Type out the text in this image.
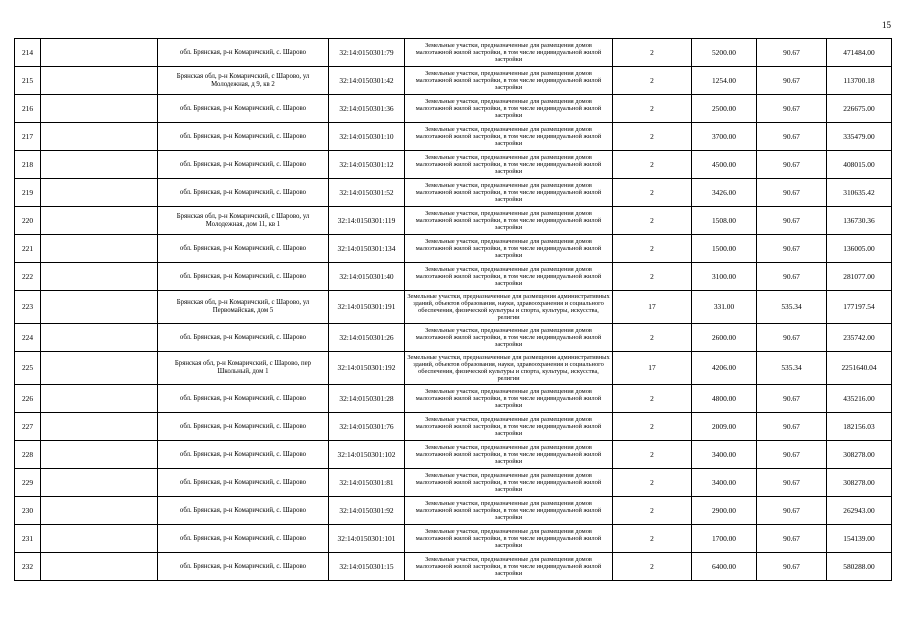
15
214		обл. Брянская, р-н Комаричский, с. Шарово	32:14:0150301:79	Земельные участки, предназначенные для размещения домов малоэтажной жилой застройки, в том числе индивидуальной жилой застройки	2	5200.00	90.67	471484.00
215		Брянская обл, р-н Комаричский, с Шарово, ул Молодежная, д 9, кв 2	32:14:0150301:42	Земельные участки, предназначенные для размещения домов малоэтажной жилой застройки, в том числе индивидуальной жилой застройки	2	1254.00	90.67	113700.18
216		обл. Брянская, р-н Комаричский, с. Шарово	32:14:0150301:36	Земельные участки, предназначенные для размещения домов малоэтажной жилой застройки, в том числе индивидуальной жилой застройки	2	2500.00	90.67	226675.00
217		обл. Брянская, р-н Комаричский, с. Шарово	32:14:0150301:10	Земельные участки, предназначенные для размещения домов малоэтажной жилой застройки, в том числе индивидуальной жилой застройки	2	3700.00	90.67	335479.00
218		обл. Брянская, р-н Комаричский, с. Шарово	32:14:0150301:12	Земельные участки, предназначенные для размещения домов малоэтажной жилой застройки, в том числе индивидуальной жилой застройки	2	4500.00	90.67	408015.00
219		обл. Брянская, р-н Комаричский, с. Шарово	32:14:0150301:52	Земельные участки, предназначенные для размещения домов малоэтажной жилой застройки, в том числе индивидуальной жилой застройки	2	3426.00	90.67	310635.42
220		Брянская обл, р-н Комаричский, с Шарово, ул Молодежная, дом 11, кв 1	32:14:0150301:119	Земельные участки, предназначенные для размещения домов малоэтажной жилой застройки, в том числе индивидуальной жилой застройки	2	1508.00	90.67	136730.36
221		обл. Брянская, р-н Комаричский, с. Шарово	32:14:0150301:134	Земельные участки, предназначенные для размещения домов малоэтажной жилой застройки, в том числе индивидуальной жилой застройки	2	1500.00	90.67	136005.00
222		обл. Брянская, р-н Комаричский, с. Шарово	32:14:0150301:40	Земельные участки, предназначенные для размещения домов малоэтажной жилой застройки, в том числе индивидуальной жилой застройки	2	3100.00	90.67	281077.00
223		Брянская обл, р-н Комаричский, с Шарово, ул Первомайская, дом 5	32:14:0150301:191	Земельные участки, предназначенные для размещения административных зданий, объектов образования, науки, здравоохранения и социального обеспечения, физической культуры и спорта, культуры, искусства, религии	17	331.00	535.34	177197.54
224		обл. Брянская, р-н Комаричский, с. Шарово	32:14:0150301:26	Земельные участки, предназначенные для размещения домов малоэтажной жилой застройки, в том числе индивидуальной жилой застройки	2	2600.00	90.67	235742.00
225		Брянская обл, р-н Комаричский, с Шарово, пер Школьный, дом 1	32:14:0150301:192	Земельные участки, предназначенные для размещения административных зданий, объектов образования, науки, здравоохранения и социального обеспечения, физической культуры и спорта, культуры, искусства, религии	17	4206.00	535.34	2251640.04
226		обл. Брянская, р-н Комаричский, с. Шарово	32:14:0150301:28	Земельные участки, предназначенные для размещения домов малоэтажной жилой застройки, в том числе индивидуальной жилой застройки	2	4800.00	90.67	435216.00
227		обл. Брянская, р-н Комаричский, с. Шарово	32:14:0150301:76	Земельные участки, предназначенные для размещения домов малоэтажной жилой застройки, в том числе индивидуальной жилой застройки	2	2009.00	90.67	182156.03
228		обл. Брянская, р-н Комаричский, с. Шарово	32:14:0150301:102	Земельные участки, предназначенные для размещения домов малоэтажной жилой застройки, в том числе индивидуальной жилой застройки	2	3400.00	90.67	308278.00
229		обл. Брянская, р-н Комаричский, с. Шарово	32:14:0150301:81	Земельные участки, предназначенные для размещения домов малоэтажной жилой застройки, в том числе индивидуальной жилой застройки	2	3400.00	90.67	308278.00
230		обл. Брянская, р-н Комаричский, с. Шарово	32:14:0150301:92	Земельные участки, предназначенные для размещения домов малоэтажной жилой застройки, в том числе индивидуальной жилой застройки	2	2900.00	90.67	262943.00
231		обл. Брянская, р-н Комаричский, с. Шарово	32:14:0150301:101	Земельные участки, предназначенные для размещения домов малоэтажной жилой застройки, в том числе индивидуальной жилой застройки	2	1700.00	90.67	154139.00
232		обл. Брянская, р-н Комаричский, с. Шарово	32:14:0150301:15	Земельные участки, предназначенные для размещения домов малоэтажной жилой застройки, в том числе индивидуальной жилой застройки	2	6400.00	90.67	580288.00
